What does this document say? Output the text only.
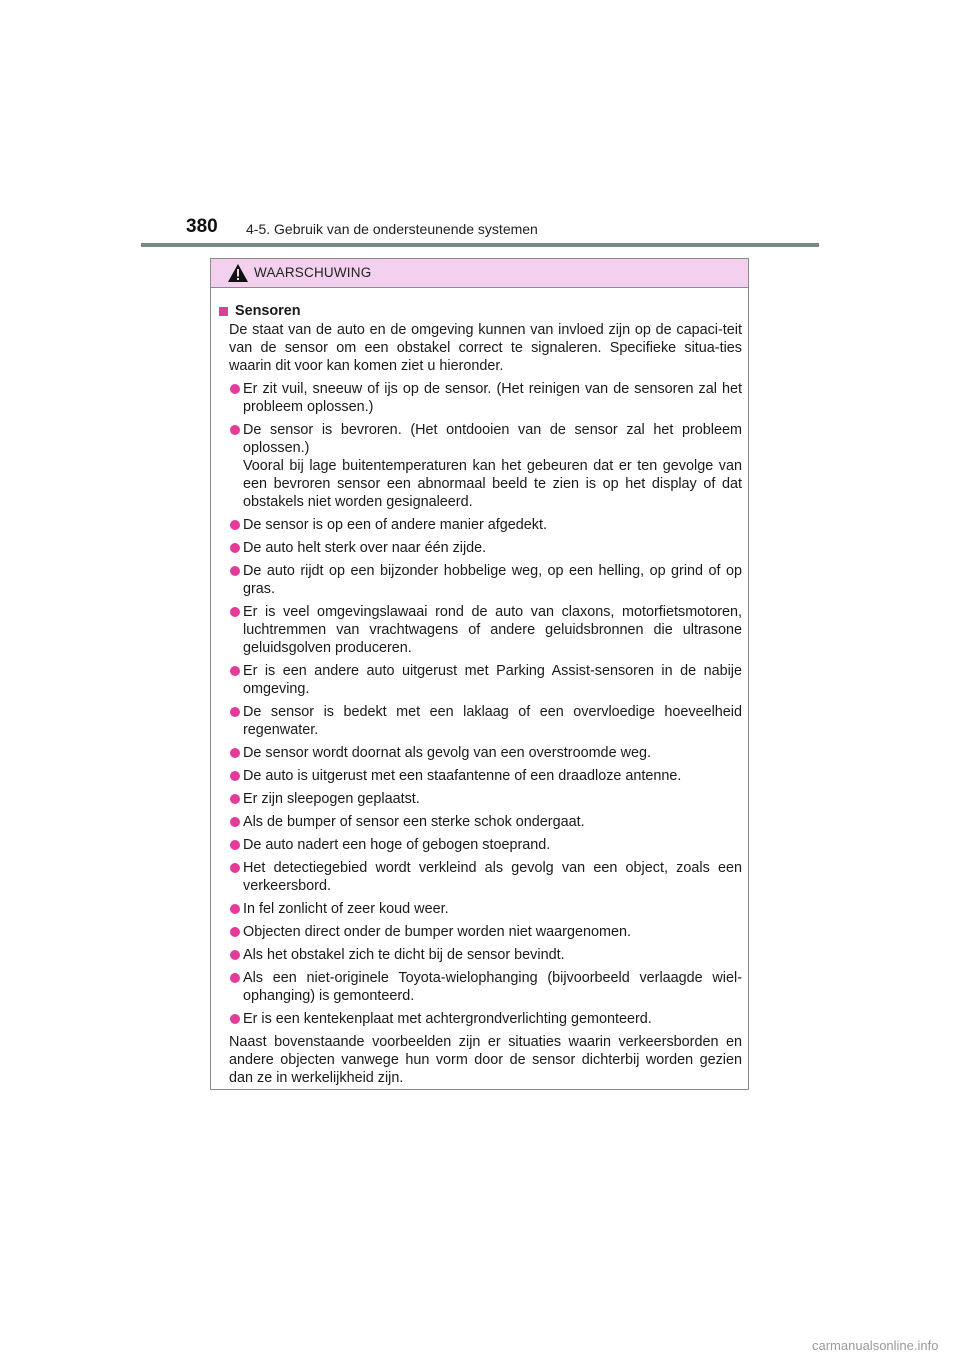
380 4-5. Gebruik van de ondersteunende systemen
WAARSCHUWING
Sensoren
De staat van de auto en de omgeving kunnen van invloed zijn op de capaci-teit van de sensor om een obstakel correct te signaleren. Specifieke situa-ties waarin dit voor kan komen ziet u hieronder.
Er zit vuil, sneeuw of ijs op de sensor. (Het reinigen van de sensoren zal het probleem oplossen.)
De sensor is bevroren. (Het ontdooien van de sensor zal het probleem oplossen.)
Vooral bij lage buitentemperaturen kan het gebeuren dat er ten gevolge van een bevroren sensor een abnormaal beeld te zien is op het display of dat obstakels niet worden gesignaleerd.
De sensor is op een of andere manier afgedekt.
De auto helt sterk over naar één zijde.
De auto rijdt op een bijzonder hobbelige weg, op een helling, op grind of op gras.
Er is veel omgevingslawaai rond de auto van claxons, motorfietsmotoren, luchtremmen van vrachtwagens of andere geluidsbronnen die ultrasone geluidsgolven produceren.
Er is een andere auto uitgerust met Parking Assist-sensoren in de nabije omgeving.
De sensor is bedekt met een laklaag of een overvloedige hoeveelheid regenwater.
De sensor wordt doornat als gevolg van een overstroomde weg.
De auto is uitgerust met een staafantenne of een draadloze antenne.
Er zijn sleepogen geplaatst.
Als de bumper of sensor een sterke schok ondergaat.
De auto nadert een hoge of gebogen stoeprand.
Het detectiegebied wordt verkleind als gevolg van een object, zoals een verkeersbord.
In fel zonlicht of zeer koud weer.
Objecten direct onder de bumper worden niet waargenomen.
Als het obstakel zich te dicht bij de sensor bevindt.
Als een niet-originele Toyota-wielophanging (bijvoorbeeld verlaagde wiel-ophanging) is gemonteerd.
Er is een kentekenplaat met achtergrondverlichting gemonteerd.
Naast bovenstaande voorbeelden zijn er situaties waarin verkeersborden en andere objecten vanwege hun vorm door de sensor dichterbij worden gezien dan ze in werkelijkheid zijn.
carmanualsonline.info
